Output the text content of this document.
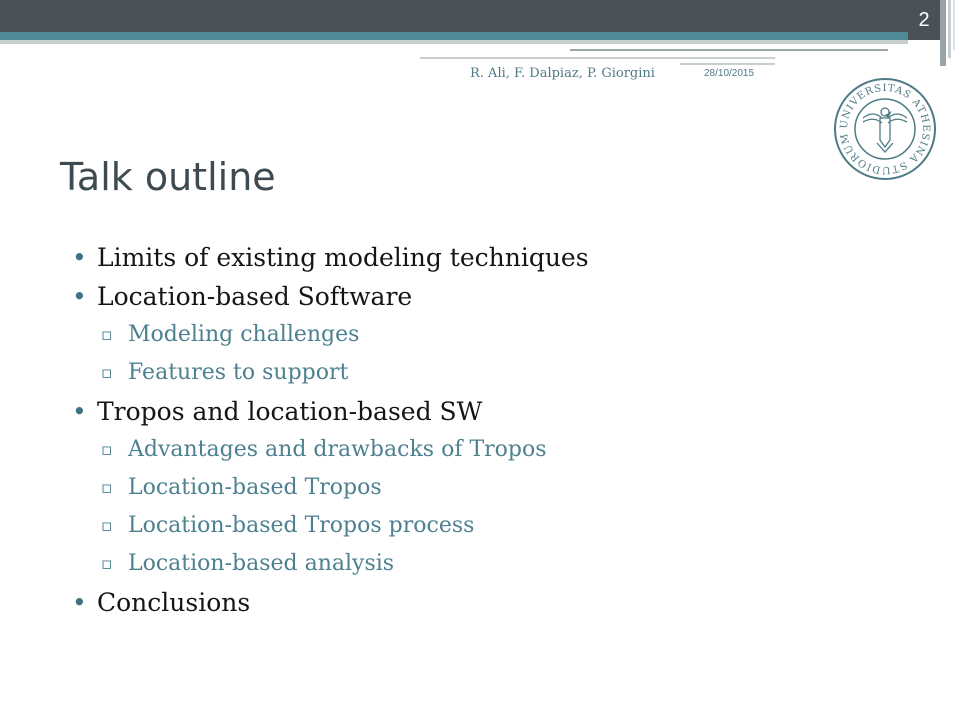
2
R. Ali, F. Dalpiaz, P. Giorgini	28/10/2015
UNIVERSITAS ATHESINA STUDIORUM
Talk outline
• Limits of existing modeling techniques
• Location-based Software
▫ Modeling challenges
▫ Features to support
• Tropos and location-based SW
▫ Advantages and drawbacks of Tropos
▫ Location-based Tropos
▫ Location-based Tropos process
▫ Location-based analysis
• Conclusions
